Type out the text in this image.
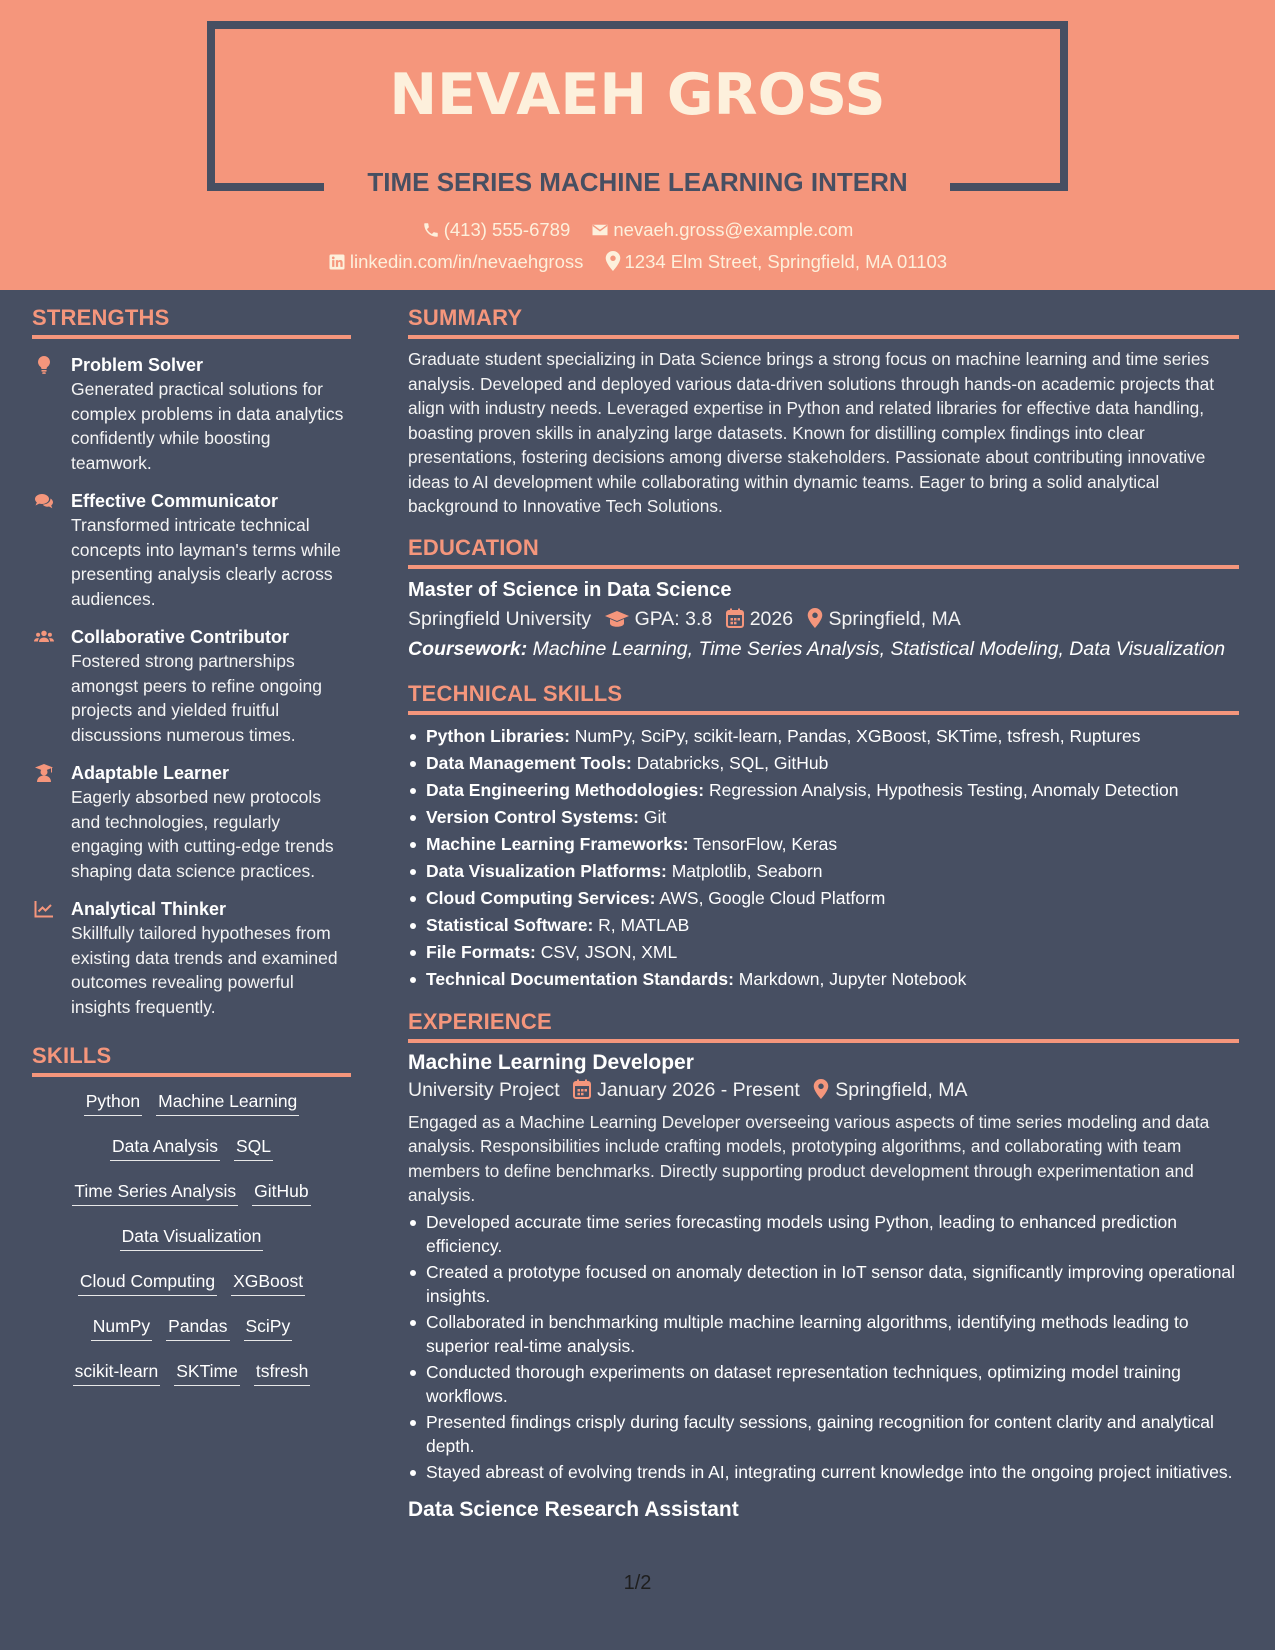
NEVAEH GROSS
TIME SERIES MACHINE LEARNING INTERN
(413) 555-6789 nevaeh.gross@example.com
linkedin.com/in/nevaehgross 1234 Elm Street, Springfield, MA 01103
STRENGTHS
Problem Solver
Generated practical solutions for complex problems in data analytics confidently while boosting teamwork.
Effective Communicator
Transformed intricate technical concepts into layman's terms while presenting analysis clearly across audiences.
Collaborative Contributor
Fostered strong partnerships amongst peers to refine ongoing projects and yielded fruitful discussions numerous times.
Adaptable Learner
Eagerly absorbed new protocols and technologies, regularly engaging with cutting-edge trends shaping data science practices.
Analytical Thinker
Skillfully tailored hypotheses from existing data trends and examined outcomes revealing powerful insights frequently.
SKILLS
Python Machine Learning
Data Analysis SQL
Time Series Analysis GitHub
Data Visualization
Cloud Computing XGBoost
NumPy Pandas SciPy
scikit-learn SKTime tsfresh
SUMMARY

Graduate student specializing in Data Science brings a strong focus on machine learning and time series analysis. Developed and deployed various data-driven solutions through hands-on academic projects that align with industry needs. Leveraged expertise in Python and related libraries for effective data handling, boasting proven skills in analyzing large datasets. Known for distilling complex findings into clear presentations, fostering decisions among diverse stakeholders. Passionate about contributing innovative ideas to AI development while collaborating within dynamic teams. Eager to bring a solid analytical background to Innovative Tech Solutions.

EDUCATION
Master of Science in Data Science
Springfield University GPA: 3.8 2026 Springfield, MA
Coursework: Machine Learning, Time Series Analysis, Statistical Modeling, Data Visualization
TECHNICAL SKILLS
Python Libraries: NumPy, SciPy, scikit-learn, Pandas, XGBoost, SKTime, tsfresh, Ruptures
Data Management Tools: Databricks, SQL, GitHub
Data Engineering Methodologies: Regression Analysis, Hypothesis Testing, Anomaly Detection
Version Control Systems: Git
Machine Learning Frameworks: TensorFlow, Keras
Data Visualization Platforms: Matplotlib, Seaborn
Cloud Computing Services: AWS, Google Cloud Platform
Statistical Software: R, MATLAB
File Formats: CSV, JSON, XML
Technical Documentation Standards: Markdown, Jupyter Notebook
EXPERIENCE
Machine Learning Developer
University Project January 2026 - Present Springfield, MA

Engaged as a Machine Learning Developer overseeing various aspects of time series modeling and data analysis. Responsibilities include crafting models, prototyping algorithms, and collaborating with team members to define benchmarks. Directly supporting product development through experimentation and analysis.

Developed accurate time series forecasting models using Python, leading to enhanced prediction efficiency.
Created a prototype focused on anomaly detection in IoT sensor data, significantly improving operational insights.
Collaborated in benchmarking multiple machine learning algorithms, identifying methods leading to superior real-time analysis.
Conducted thorough experiments on dataset representation techniques, optimizing model training workflows.
Presented findings crisply during faculty sessions, gaining recognition for content clarity and analytical depth.
Stayed abreast of evolving trends in AI, integrating current knowledge into the ongoing project initiatives.
Data Science Research Assistant
1/2
